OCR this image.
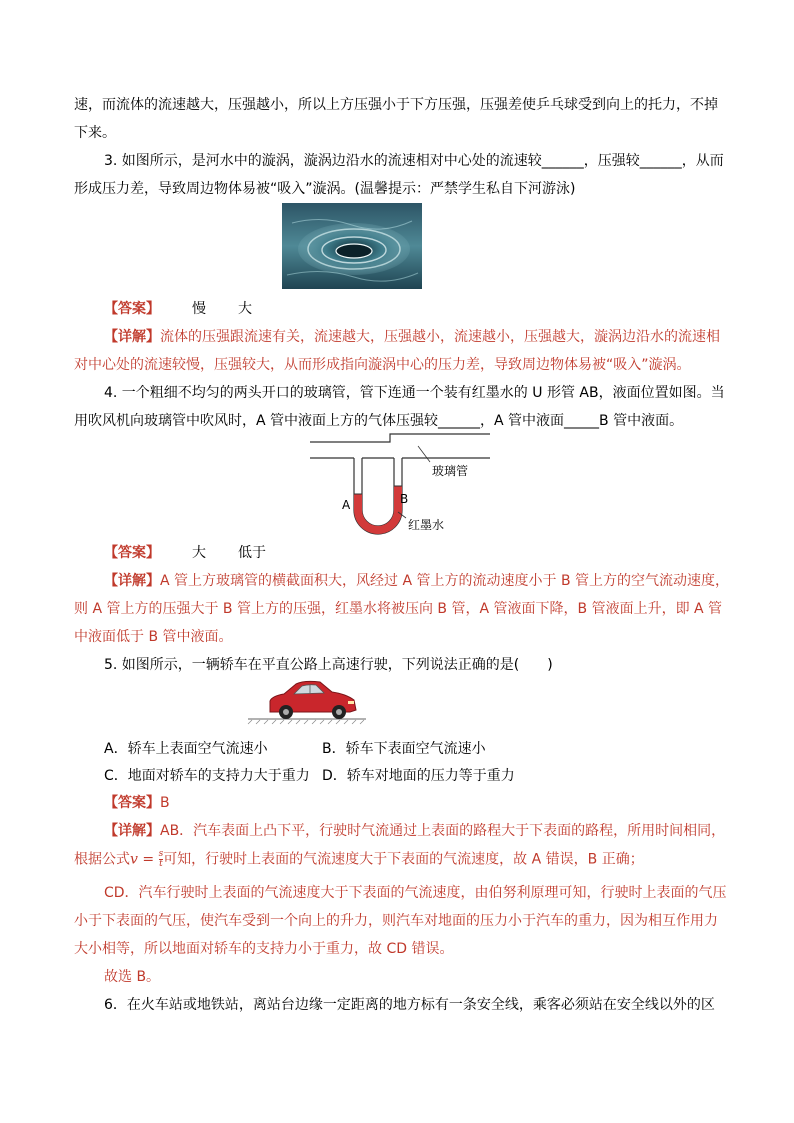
速，而流体的流速越大，压强越小，所以上方压强小于下方压强，压强差使乒乓球受到向上的托力，不掉
下来。
3. 如图所示，是河水中的漩涡，漩涡边沿水的流速相对中心处的流速较______，压强较______，从而
形成压力差，导致周边物体易被“吸入”漩涡。(温馨提示：严禁学生私自下河游泳)
【答案】 慢 大
【详解】流体的压强跟流速有关，流速越大，压强越小，流速越小，压强越大，漩涡边沿水的流速相
对中心处的流速较慢，压强较大，从而形成指向漩涡中心的压力差，导致周边物体易被“吸入”漩涡。
4. 一个粗细不均匀的两头开口的玻璃管，管下连通一个装有红墨水的 U 形管 AB，液面位置如图。当
用吹风机向玻璃管中吹风时，A 管中液面上方的气体压强较______，A 管中液面_____B 管中液面。
玻璃管
A	B
红墨水
【答案】 大 低于
【详解】A 管上方玻璃管的横截面积大，风经过 A 管上方的流动速度小于 B 管上方的空气流动速度，
则 A 管上方的压强大于 B 管上方的压强，红墨水将被压向 B 管，A 管液面下降，B 管液面上升，即 A 管
中液面低于 B 管中液面。
5. 如图所示，一辆轿车在平直公路上高速行驶，下列说法正确的是(　　)
A．轿车上表面空气流速小	B．轿车下表面空气流速小
C．地面对轿车的支持力大于重力 D．轿车对地面的压力等于重力
【答案】B
【详解】AB．汽车表面上凸下平，行驶时气流通过上表面的路程大于下表面的路程，所用时间相同，
根据公式$v = \frac{s}{t}$ 可知，行驶时上表面的气流速度大于下表面的气流速度，故 A 错误，B 正确；
CD．汽车行驶时上表面的气流速度大于下表面的气流速度，由伯努利原理可知，行驶时上表面的气压
小于下表面的气压，使汽车受到一个向上的升力，则汽车对地面的压力小于汽车的重力，因为相互作用力
大小相等，所以地面对轿车的支持力小于重力，故 CD 错误。
故选 B。
6．在火车站或地铁站，离站台边缘一定距离的地方标有一条安全线，乘客必须站在安全线以外的区
